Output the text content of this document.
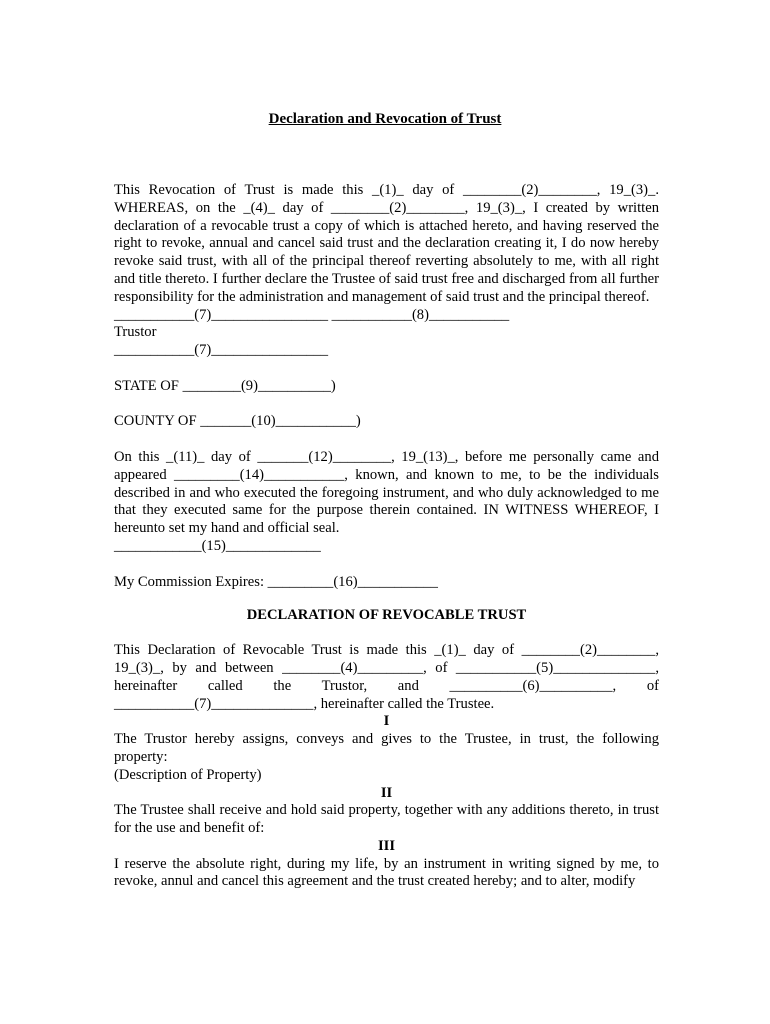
Declaration and Revocation of Trust

This Revocation of Trust is made this _(1)_ day of ________(2)________, 19_(3)_. WHEREAS, on the _(4)_ day of ________(2)________, 19_(3)_, I created by written declaration of a revocable trust a copy of which is attached hereto, and having reserved the right to revoke, annual and cancel said trust and the declaration creating it, I do now hereby revoke said trust, with all of the principal thereof reverting absolutely to me, with all right and title thereto. I further declare the Trustee of said trust free and discharged from all further responsibility for the administration and management of said trust and the principal thereof.

___________(7)________________ ___________(8)___________
Trustor
___________(7)________________
STATE OF ________(9)__________)
COUNTY OF _______(10)___________)

On this _(11)_ day of _______(12)________, 19_(13)_, before me personally came and appeared _________(14)___________, known, and known to me, to be the individuals described in and who executed the foregoing instrument, and who duly acknowledged to me that they executed same for the purpose therein contained. IN WITNESS WHEREOF, I hereunto set my hand and official seal.

____________(15)_____________
My Commission Expires: _________(16)___________
DECLARATION OF REVOCABLE TRUST

This Declaration of Revocable Trust is made this _(1)_ day of ________(2)________, 19_(3)_, by and between ________(4)_________, of ___________(5)______________, hereinafter called the Trustor, and __________(6)__________, of ___________(7)______________, hereinafter called the Trustee.

I

The Trustor hereby assigns, conveys and gives to the Trustee, in trust, the following property:

(Description of Property)
II

The Trustee shall receive and hold said property, together with any additions thereto, in trust for the use and benefit of:

III

I reserve the absolute right, during my life, by an instrument in writing signed by me, to revoke, annul and cancel this agreement and the trust created hereby; and to alter, modify
